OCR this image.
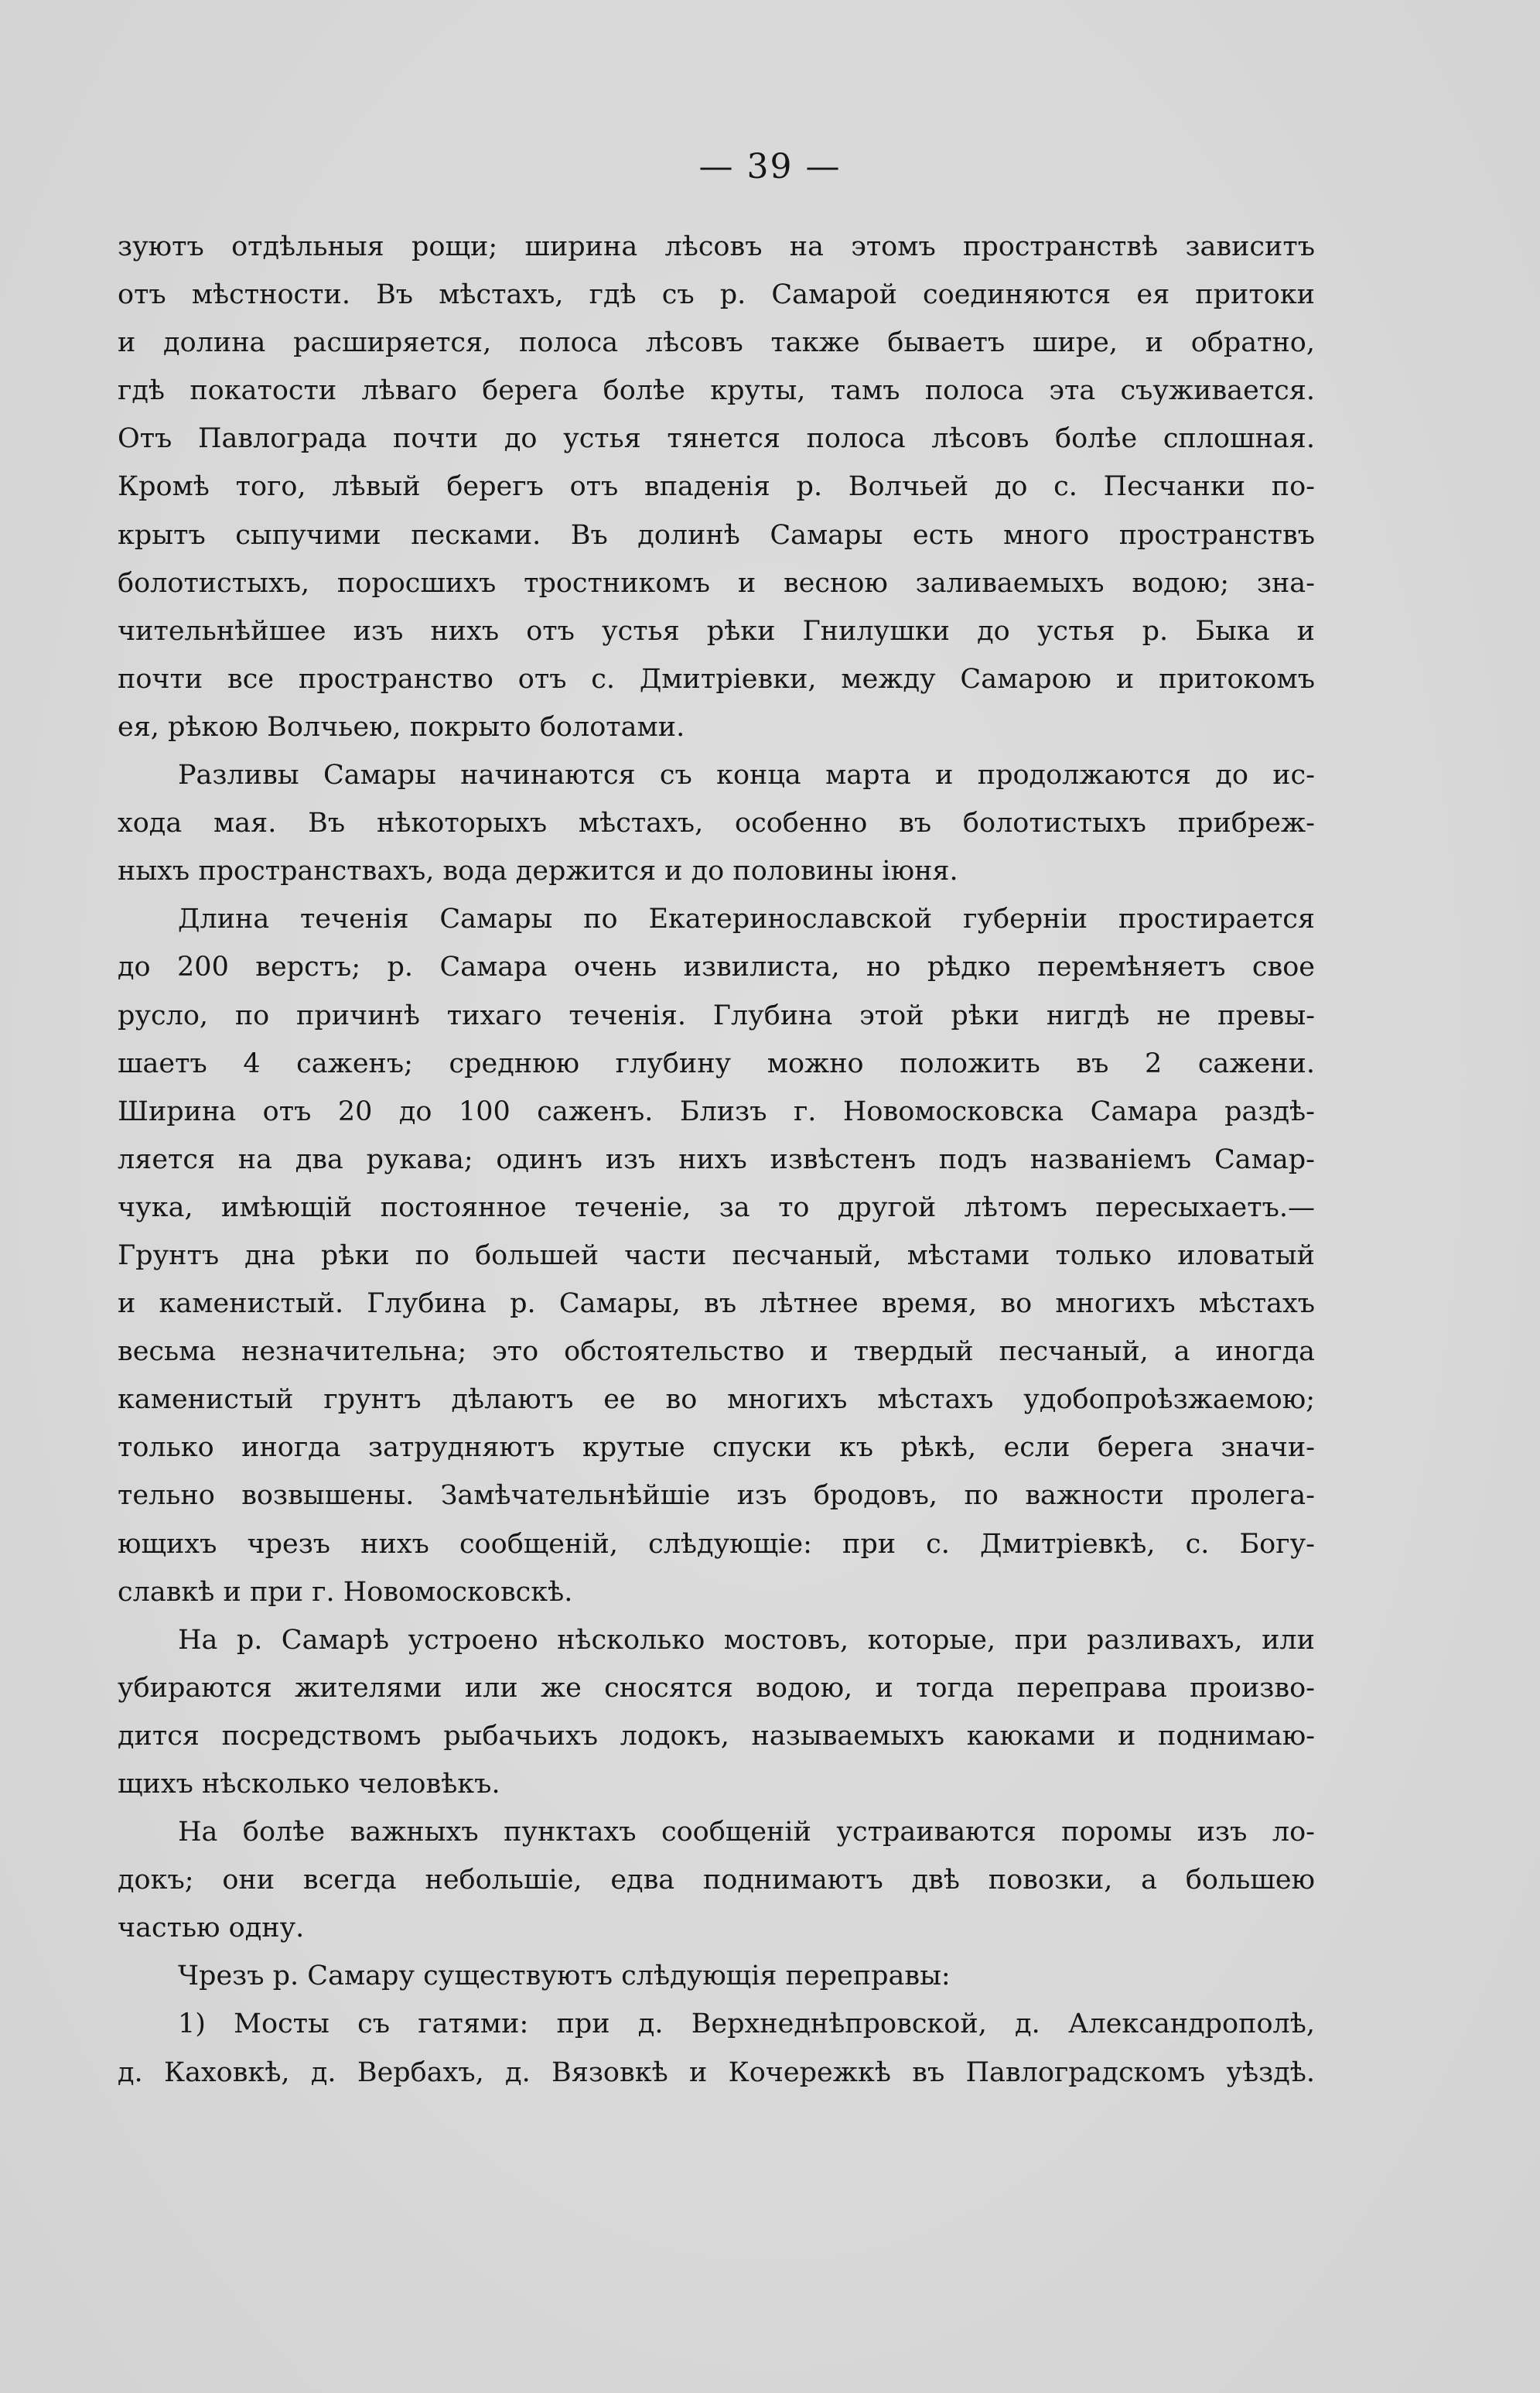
— 39 —
зуютъ отдѣльныя рощи; ширина лѣсовъ на этомъ пространствѣ зависитъ
отъ мѣстности. Въ мѣстахъ, гдѣ съ р. Самарой соединяются ея притоки
и долина расширяется, полоса лѣсовъ также бываетъ шире, и обратно,
гдѣ покатости лѣваго берега болѣе круты, тамъ полоса эта съуживается.
Отъ Павлограда почти до устья тянется полоса лѣсовъ болѣе сплошная.
Кромѣ того, лѣвый берегъ отъ впаденія р. Волчьей до с. Песчанки по-
крытъ сыпучими песками. Въ долинѣ Самары есть много пространствъ
болотистыхъ, поросшихъ тростникомъ и весною заливаемыхъ водою; зна-
чительнѣйшее изъ нихъ отъ устья рѣки Гнилушки до устья р. Быка и
почти все пространство отъ с. Дмитріевки, между Самарою и притокомъ
ея, рѣкою Волчьею, покрыто болотами.
Разливы Самары начинаются съ конца марта и продолжаются до ис-
хода мая. Въ нѣкоторыхъ мѣстахъ, особенно въ болотистыхъ прибреж-
ныхъ пространствахъ, вода держится и до половины іюня.
Длина теченія Самары по Екатеринославской губерніи простирается
до 200 верстъ; р. Самара очень извилиста, но рѣдко перемѣняетъ свое
русло, по причинѣ тихаго теченія. Глубина этой рѣки нигдѣ не превы-
шаетъ 4 саженъ; среднюю глубину можно положить въ 2 сажени.
Ширина отъ 20 до 100 саженъ. Близъ г. Новомосковска Самара раздѣ-
ляется на два рукава; одинъ изъ нихъ извѣстенъ подъ названіемъ Самар-
чука, имѣющій постоянное теченіе, за то другой лѣтомъ пересыхаетъ.—
Грунтъ дна рѣки по большей части песчаный, мѣстами только иловатый
и каменистый. Глубина р. Самары, въ лѣтнее время, во многихъ мѣстахъ
весьма незначительна; это обстоятельство и твердый песчаный, а иногда
каменистый грунтъ дѣлаютъ ее во многихъ мѣстахъ удобопроѣзжаемою;
только иногда затрудняютъ крутые спуски къ рѣкѣ, если берега значи-
тельно возвышены. Замѣчательнѣйшіе изъ бродовъ, по важности пролега-
ющихъ чрезъ нихъ сообщеній, слѣдующіе: при с. Дмитріевкѣ, с. Богу-
славкѣ и при г. Новомосковскѣ.
На р. Самарѣ устроено нѣсколько мостовъ, которые, при разливахъ, или
убираются жителями или же сносятся водою, и тогда переправа произво-
дится посредствомъ рыбачьихъ лодокъ, называемыхъ каюками и поднимаю-
щихъ нѣсколько человѣкъ.
На болѣе важныхъ пунктахъ сообщеній устраиваются поромы изъ ло-
докъ; они всегда небольшіе, едва поднимаютъ двѣ повозки, а большею
частью одну.
Чрезъ р. Самару существуютъ слѣдующія переправы:
1) Мосты съ гатями: при д. Верхнеднѣпровской, д. Александрополѣ,
д. Каховкѣ, д. Вербахъ, д. Вязовкѣ и Кочережкѣ въ Павлоградскомъ уѣздѣ.
